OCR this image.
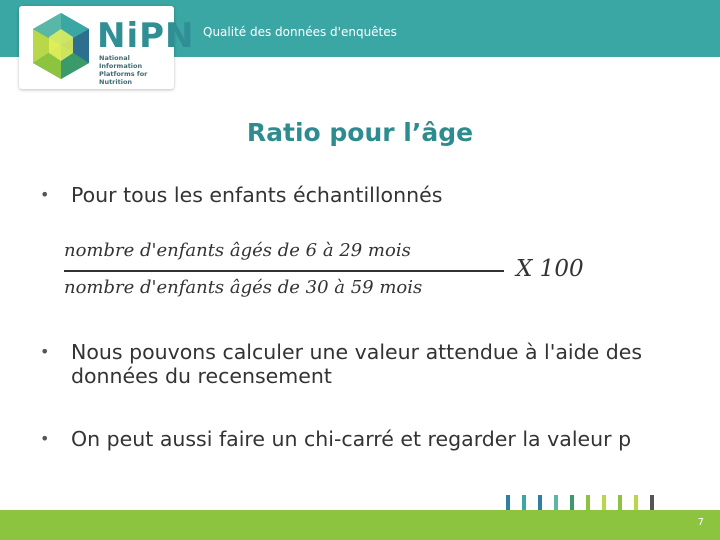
Qualité des données d'enquêtes
NiPN
National Information
Platforms for Nutrition
Ratio pour l’âge
• Pour tous les enfants échantillonnés
nombre d'enfants âgés de 6 à 29 mois
nombre d'enfants âgés de 30 à 59 mois
X 100
• Nous pouvons calculer une valeur attendue à l'aide des données du recensement
• On peut aussi faire un chi-carré et regarder la valeur p
7
